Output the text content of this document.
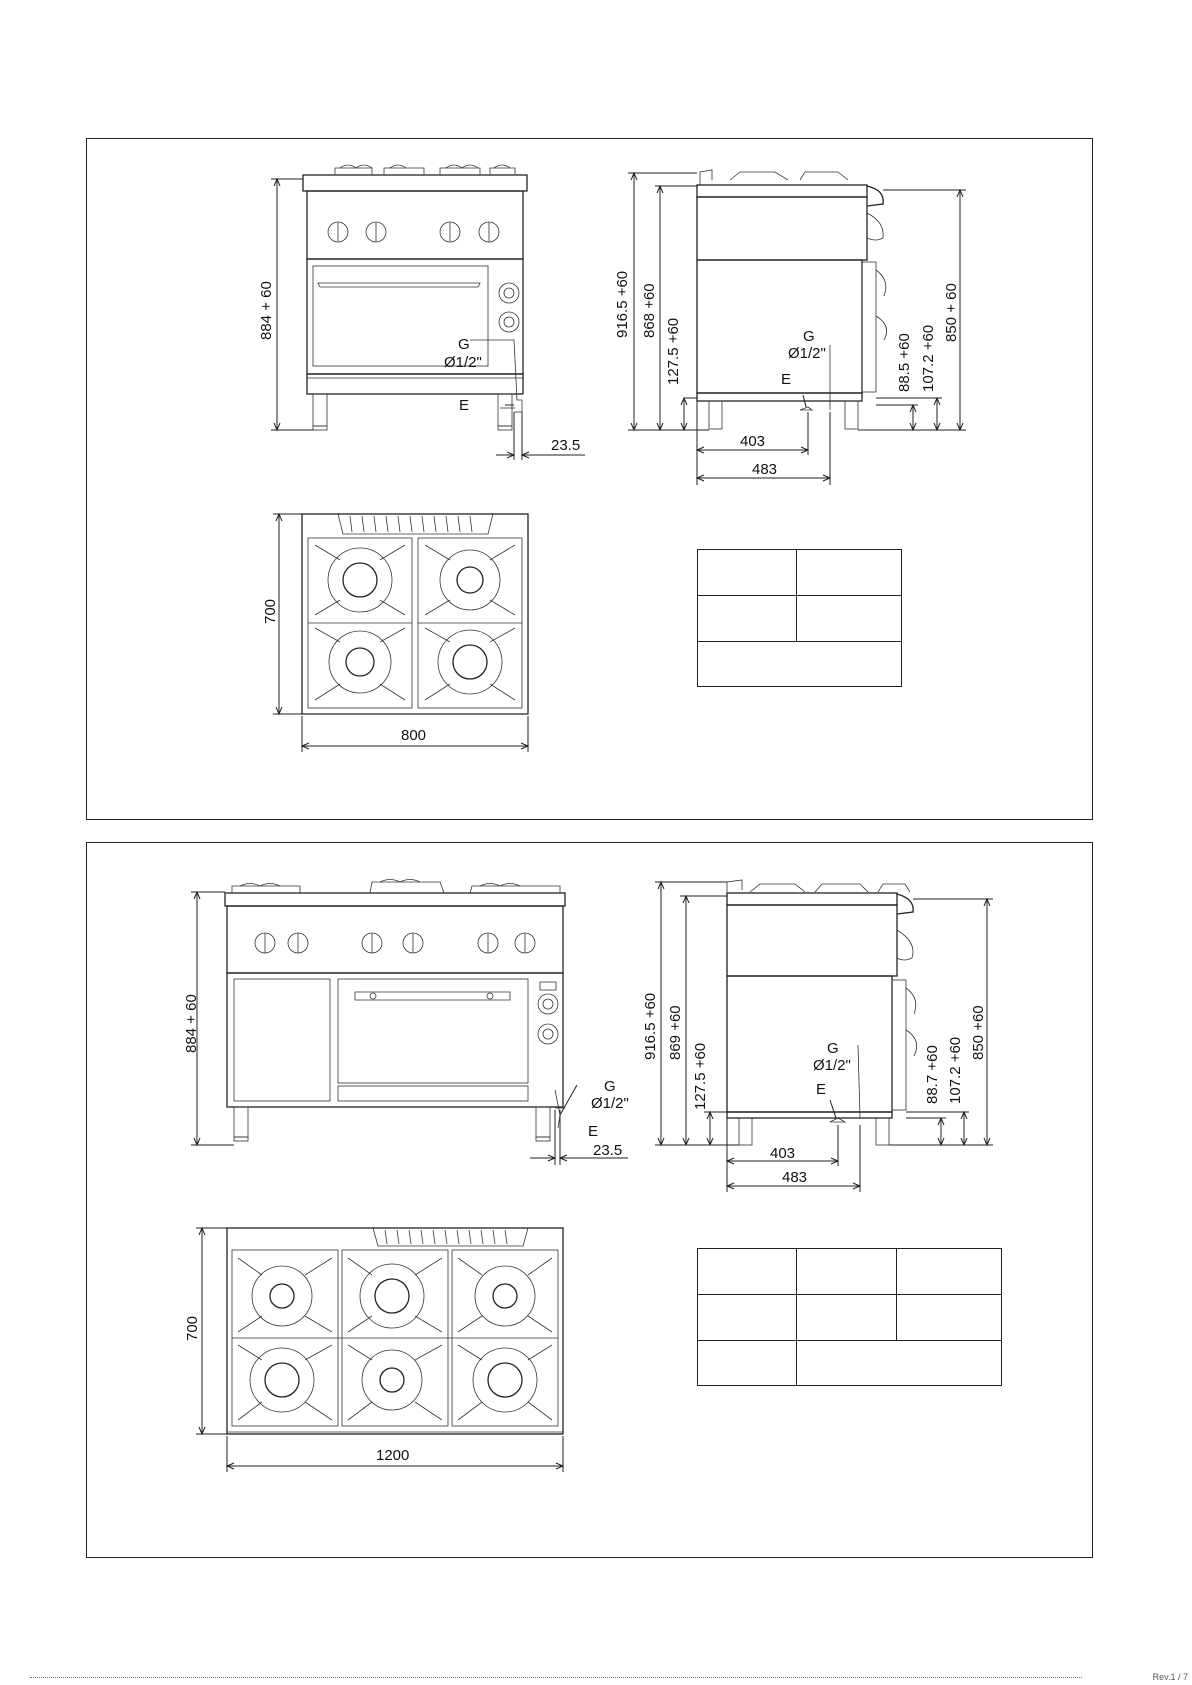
884 + 60
G
Ø1/2"
E
23.5
916.5 +60 868 +60
127.5 +60
850 + 60
107.2 +60
88.5 +60
G
Ø1/2"
E
403
483
700
800

884 + 60
G
Ø1/2"
E
23.5
916.5 +60 869 +60
127.5 +60
850 +60
107.2 +60
88.7 +60
G
Ø1/2"
E
403
483
700
1200

Rev.1 / 7
